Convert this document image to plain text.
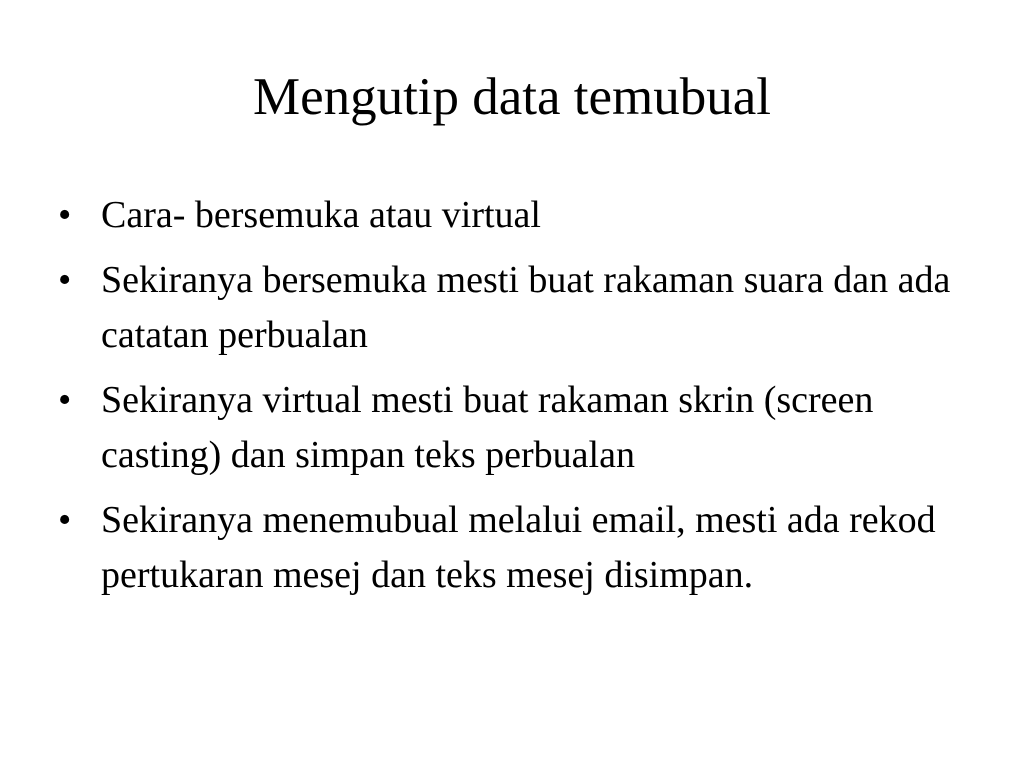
Mengutip data temubual
• Cara- bersemuka atau virtual
• Sekiranya bersemuka mesti buat rakaman suara dan ada catatan perbualan
• Sekiranya virtual mesti buat rakaman skrin (screen casting) dan simpan teks perbualan
• Sekiranya menemubual melalui email, mesti ada rekod pertukaran mesej dan teks mesej disimpan.
